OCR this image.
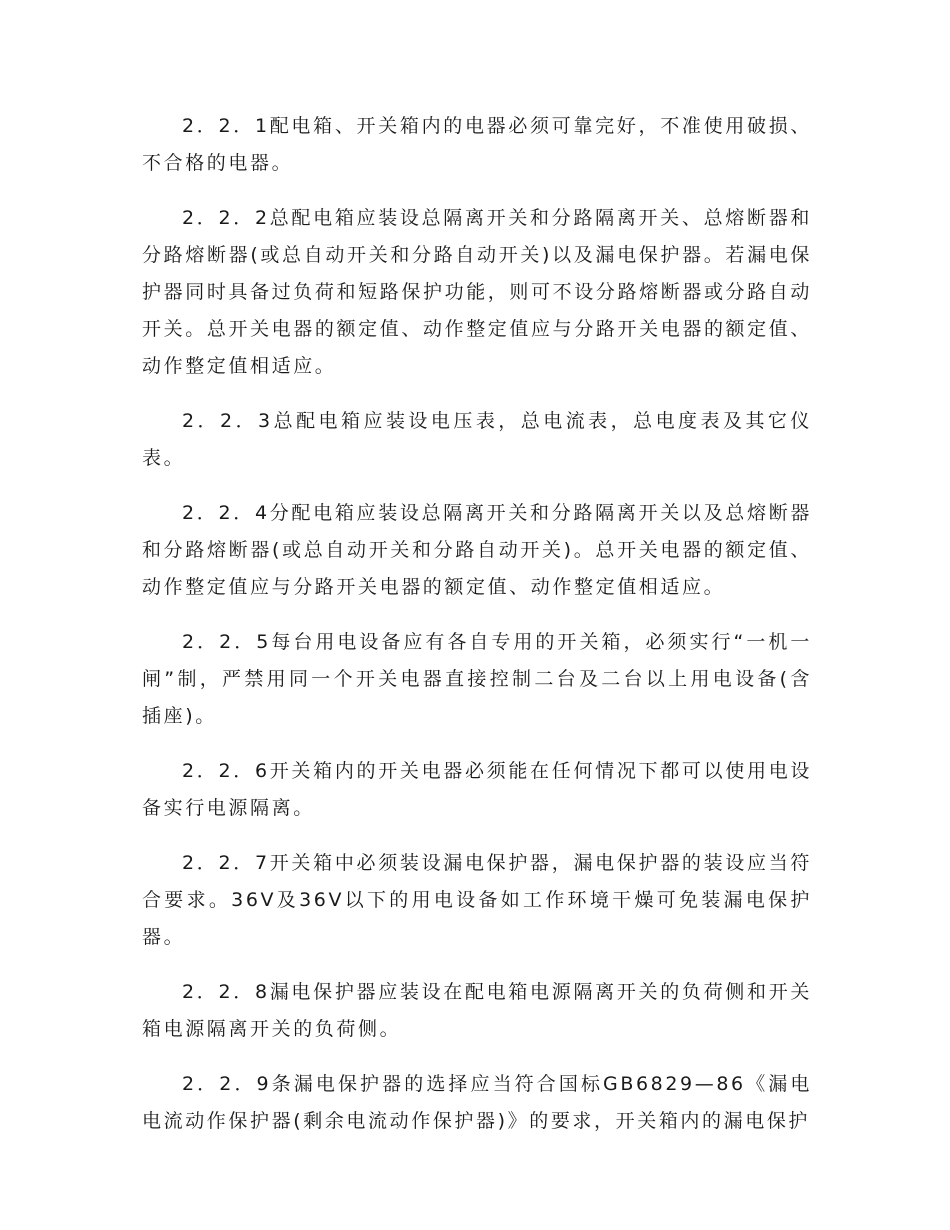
2．2．1配电箱、开关箱内的电器必须可靠完好，不准使用破损、不合格的电器。

2．2．2总配电箱应装设总隔离开关和分路隔离开关、总熔断器和分路熔断器(或总自动开关和分路自动开关)以及漏电保护器。若漏电保护器同时具备过负荷和短路保护功能，则可不设分路熔断器或分路自动开关。总开关电器的额定值、动作整定值应与分路开关电器的额定值、动作整定值相适应。

2．2．3总配电箱应装设电压表，总电流表，总电度表及其它仪表。

2．2．4分配电箱应装设总隔离开关和分路隔离开关以及总熔断器和分路熔断器(或总自动开关和分路自动开关)。总开关电器的额定值、动作整定值应与分路开关电器的额定值、动作整定值相适应。

2．2．5每台用电设备应有各自专用的开关箱，必须实行“一机一闸”制，严禁用同一个开关电器直接控制二台及二台以上用电设备(含插座)。

2．2．6开关箱内的开关电器必须能在任何情况下都可以使用电设备实行电源隔离。

2．2．7开关箱中必须装设漏电保护器，漏电保护器的装设应当符合要求。36V及36V以下的用电设备如工作环境干燥可免装漏电保护器。

2．2．8漏电保护器应装设在配电箱电源隔离开关的负荷侧和开关箱电源隔离开关的负荷侧。

2．2．9条漏电保护器的选择应当符合国标GB6829—86《漏电电流动作保护器(剩余电流动作保护器)》的要求，开关箱内的漏电保护
